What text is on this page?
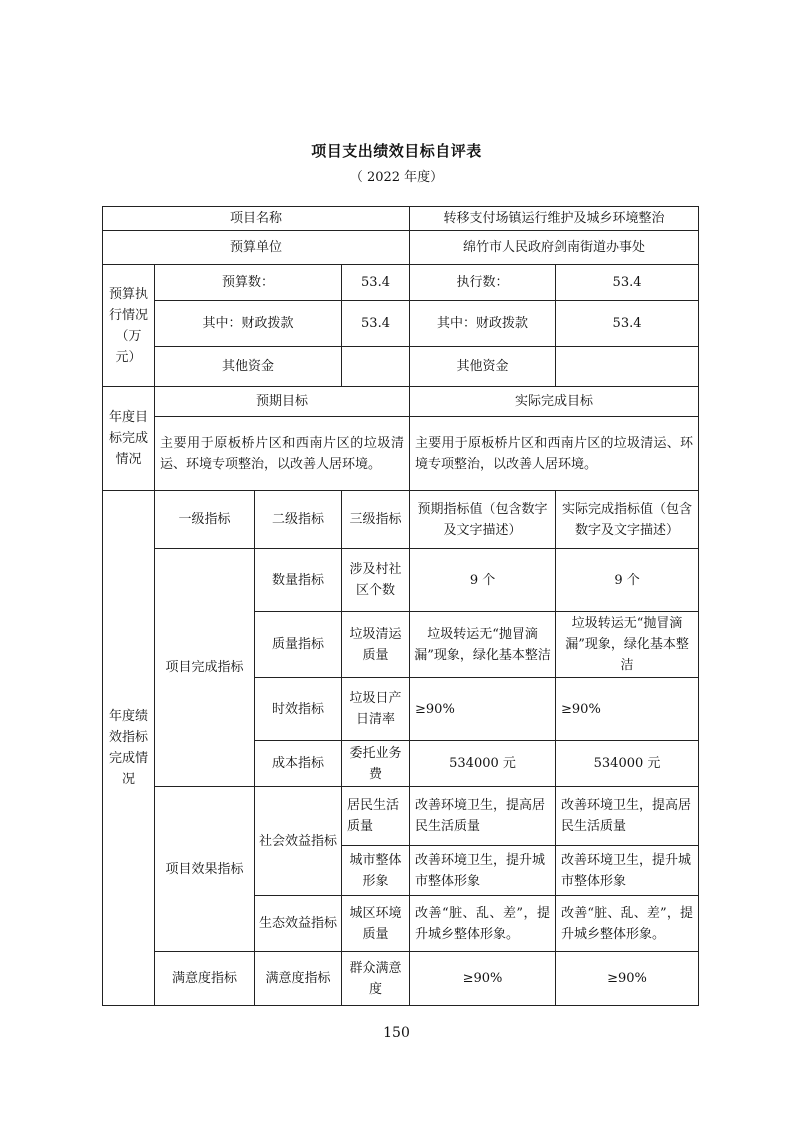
项目支出绩效目标自评表
（ 2022 年度）
项目名称				转移支付场镇运行维护及城乡环境整治	
预算单位				绵竹市人民政府剑南街道办事处	
预算执行情况（万元）	预算数：		53.4	执行数：	53.4
	其中：财政拨款		53.4	其中：财政拨款	53.4
	其他资金			其他资金	
年度目标完成情况	预期目标			实际完成目标	
	主要用于原板桥片区和西南片区的垃圾清运、环境专项整治，以改善人居环境。			主要用于原板桥片区和西南片区的垃圾清运、环境专项整治，以改善人居环境。	
年度绩效指标完成情况	一级指标	二级指标	三级指标	预期指标值（包含数字及文字描述）	实际完成指标值（包含数字及文字描述）
	项目完成指标	数量指标	涉及村社区个数	9 个	9 个
		质量指标	垃圾清运质量	垃圾转运无“抛冒滴漏”现象，绿化基本整洁	垃圾转运无“抛冒滴漏”现象，绿化基本整洁
		时效指标	垃圾日产日清率	≥90%	≥90%
		成本指标	委托业务费	534000 元	534000 元
	项目效果指标	社会效益指标	居民生活质量	改善环境卫生，提高居民生活质量	改善环境卫生，提高居民生活质量
			城市整体形象	改善环境卫生，提升城市整体形象	改善环境卫生，提升城市整体形象
		生态效益指标	城区环境质量	改善“脏、乱、差”，提升城乡整体形象。	改善“脏、乱、差”，提升城乡整体形象。
	满意度指标	满意度指标	群众满意度	≥90%	≥90%
150
